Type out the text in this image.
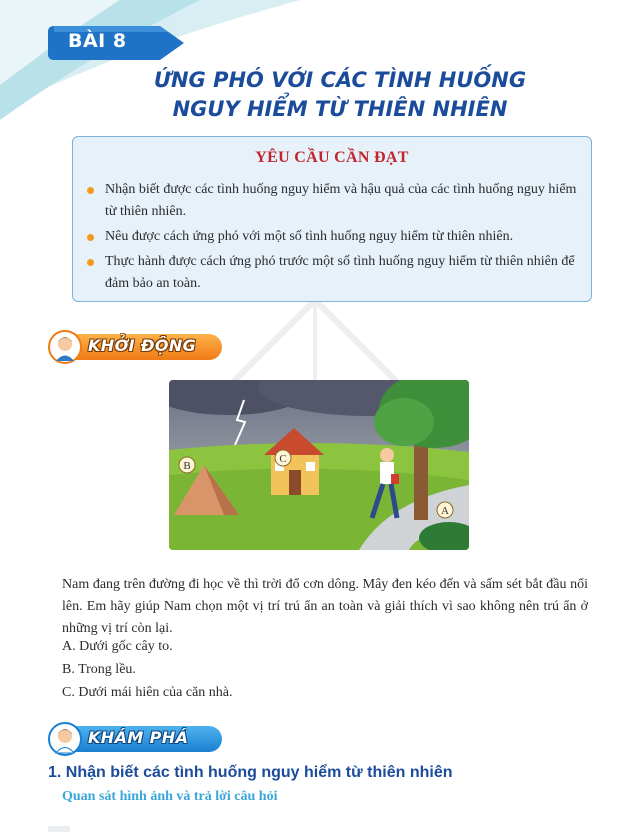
BÀI 8
ỨNG PHÓ VỚI CÁC TÌNH HUỐNG
NGUY HIỂM TỪ THIÊN NHIÊN
YÊU CẦU CẦN ĐẠT
Nhận biết được các tình huống nguy hiểm và hậu quả của các tình huống nguy hiểm từ thiên nhiên.
Nêu được cách ứng phó với một số tình huống nguy hiểm từ thiên nhiên.
Thực hành được cách ứng phó trước một số tình huống nguy hiểm từ thiên nhiên để đảm bảo an toàn.
KHỞI ĐỘNG
B
C
A
Nam đang trên đường đi học về thì trời đổ cơn dông. Mây đen kéo đến và sấm sét bắt đầu nổi lên. Em hãy giúp Nam chọn một vị trí trú ẩn an toàn và giải thích vì sao không nên trú ẩn ở những vị trí còn lại.
A. Dưới gốc cây to.
B. Trong lều.
C. Dưới mái hiên của căn nhà.
KHÁM PHÁ
1. Nhận biết các tình huống nguy hiểm từ thiên nhiên
Quan sát hình ảnh và trả lời câu hỏi
